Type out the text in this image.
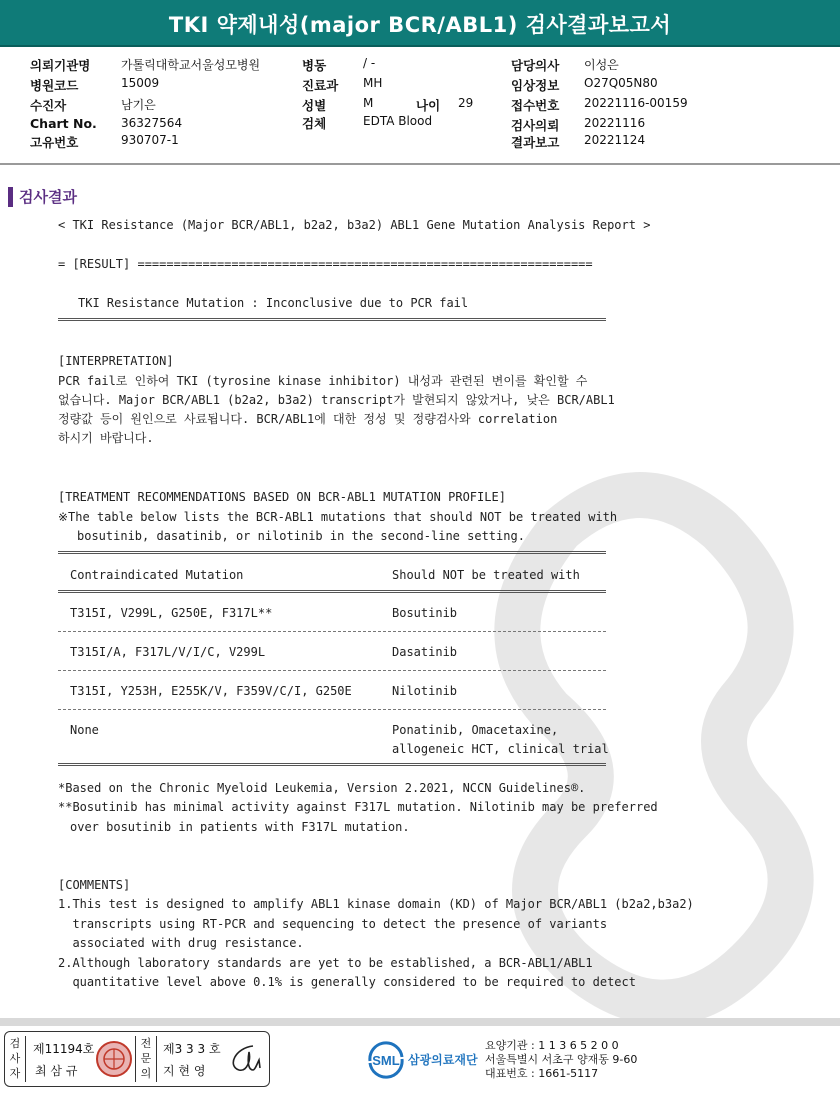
TKI 약제내성(major BCR/ABL1) 검사결과보고서
의뢰기관명	가톨릭대학교서울성모병원
병원코드	15009
수진자	남기은
Chart No. 36327564
고유번호	930707-1
병동	/ -
진료과 MH
성별	M	나이 29
검체	EDTA Blood
담당의사 이성은
임상정보 O27Q05N80
접수번호 20221116-00159
검사의뢰 20221116
결과보고 20221124
검사결과
< TKI Resistance (Major BCR/ABL1, b2a2, b3a2) ABL1 Gene Mutation Analysis Report >
= [RESULT] ===============================================================
TKI Resistance Mutation : Inconclusive due to PCR fail
[INTERPRETATION]
PCR fail로 인하여 TKI (tyrosine kinase inhibitor) 내성과 관련된 변이를 확인할 수
없습니다. Major BCR/ABL1 (b2a2, b3a2) transcript가 발현되지 않았거나, 낮은 BCR/ABL1
정량값 등이 원인으로 사료됩니다. BCR/ABL1에 대한 정성 및 정량검사와 correlation
하시기 바랍니다.
[TREATMENT RECOMMENDATIONS BASED ON BCR-ABL1 MUTATION PROFILE]
※The table below lists the BCR-ABL1 mutations that should NOT be treated with
bosutinib, dasatinib, or nilotinib in the second-line setting.
Contraindicated Mutation	Should NOT be treated with
T315I, V299L, G250E, F317L**	Bosutinib
T315I/A, F317L/V/I/C, V299L	Dasatinib
T315I, Y253H, E255K/V, F359V/C/I, G250E	Nilotinib
None	Ponatinib, Omacetaxine,
allogeneic HCT, clinical trial
*Based on the Chronic Myeloid Leukemia, Version 2.2021, NCCN Guidelines®.
**Bosutinib has minimal activity against F317L mutation. Nilotinib may be preferred
over bosutinib in patients with F317L mutation.
[COMMENTS]
1.This test is designed to amplify ABL1 kinase domain (KD) of Major BCR/ABL1 (b2a2,b3a2)
transcripts using RT-PCR and sequencing to detect the presence of variants
associated with drug resistance.
2.Although laboratory standards are yet to be established, a BCR-ABL1/ABL1
quantitative level above 0.1% is generally considered to be required to detect
검사자
제11194호
최 삼 규
전문의
제3 3 3 호
지 현 영
SML 삼광의료재단
요양기관 : 1 1 3 6 5 2 0 0
서울특별시 서초구 양재동 9-60
대표번호 : 1661-5117
